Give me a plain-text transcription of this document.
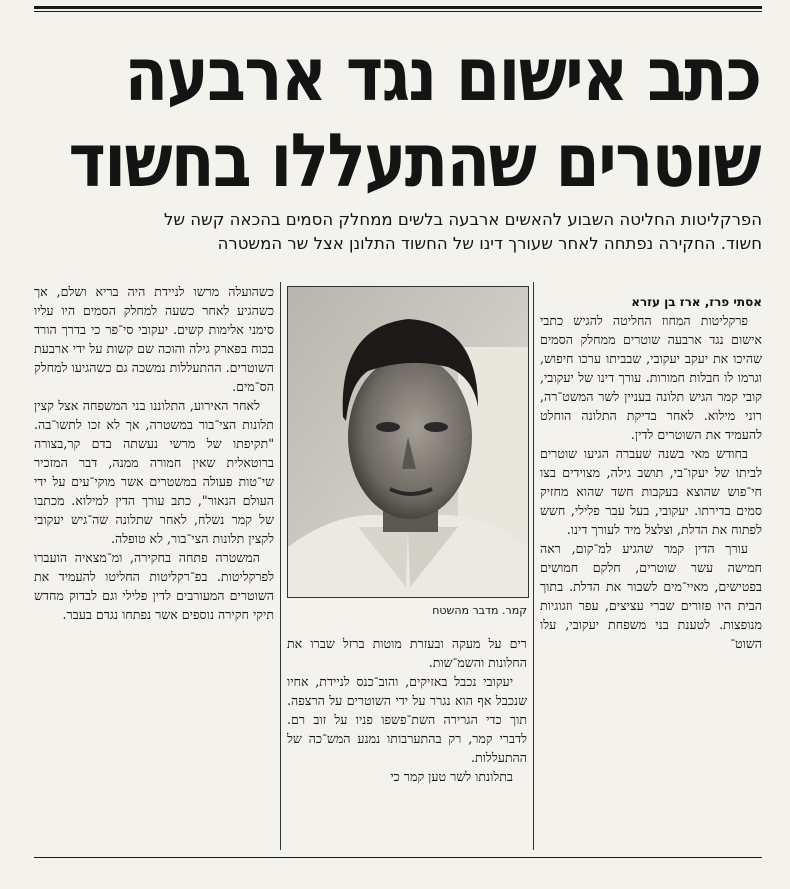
כתב אישום נגד ארבעה
שוטרים שהתעללו בחשוד
הפרקליטות החליטה השבוע להאשים ארבעה בלשים ממחלק הסמים בהכאה קשה של
חשוד. החקירה נפתחה לאחר שעורך דינו של החשוד התלונן אצל שר המשטרה

אסתי פרז, ארז בן עזרא

פרקליטות המחוז החליטה להגיש כתבי אישום נגד ארבעה שוטרים ממחלק הסמים שהיכו את יעקב יעקובי, שבביתו ערכו חיפוש, וגרמו לו חבלות חמורות. עורך דינו של יעקובי, קובי קמר הגיש תלונה בעניין לשר המשט־רה, רוני מילוא. לאחר בדיקת התלונה הוחלט להעמיד את השוטרים לדין.

בחודש מאי בשנה שעברה הגיעו שוטרים לביתו של יעקו־בי, תושב גילה, מצוידים בצו חי־פוש שהוצא בעקבות חשד שהוא מחזיק סמים בדירתו. יעקובי, בעל עבר פלילי, חשש לפתוח את הדלת, וצלצל מיד לעורך דינו.

עורך הדין קמר שהגיע למ־קום, ראה חמישה עשר שוטרים, חלקם חמושים בפטישים, מאיי־מים לשבור את הדלת. בתוך הבית היו פזורים שברי עציצים, עפר וזגוגיות מנופצות. לטענת בני משפחת יעקובי, עלו השוט־

קמר. מדבר מהשטח

רים על מעקה ובעזרת מוטות ברזל שברו את החלונות והשמ־שות.

יעקובי נכבל באזיקים, והוב־כנס לניידת, אחיו שנכבל אף הוא נגרר על ידי השוטרים על הרצפה. תוך כדי הגרירה השת־פשפו פניו על זוב רם. לדברי קמר, רק בהתערבותו נמנע המש־כה של ההתעללות.

בתלונתו לשר טען קמר כי

כשהועלה מרשו לניידת היה בריא ושלם, אך כשהגיע לאחר כשעה למחלק הסמים היו עליו סימני אלימות קשים. יעקובי סי־פר כי בדרך הורד בכוח בפארק גילה והוכה שם קשות על ידי ארבעת השוטרים. ההתעללות נמשכה גם כשהגיעו למחלק הס־מים.

לאחר האירוע, התלוננו בני המשפחה אצל קצין תלונות הצי־בור במשטרה, אך לא זכו לתשו־בה. "תקיפתו של מרשי נעשתה בדם קר,בצורה ברוטאלית שאין חמורה ממנה, דבר המזכיר שי־טות פעולה במשטרים אשר מוקי־עים על ידי העולם הנאור", כתב עורך הדין למילוא. מכתבו של קמר נשלח, לאחר שתלונה שה־גיש יעקובי לקצין תלונות הצי־בור, לא טופלה.

המשטרה פתחה בחקירה, ומ־מצאיה הועברו לפרקליטות. בפ־רקליטות החליטו להעמיד את השוטרים המעורבים לדין פלילי וגם לבדוק מחדש תיקי חקירה נוספים אשר נפתחו נגדם בעבר.
